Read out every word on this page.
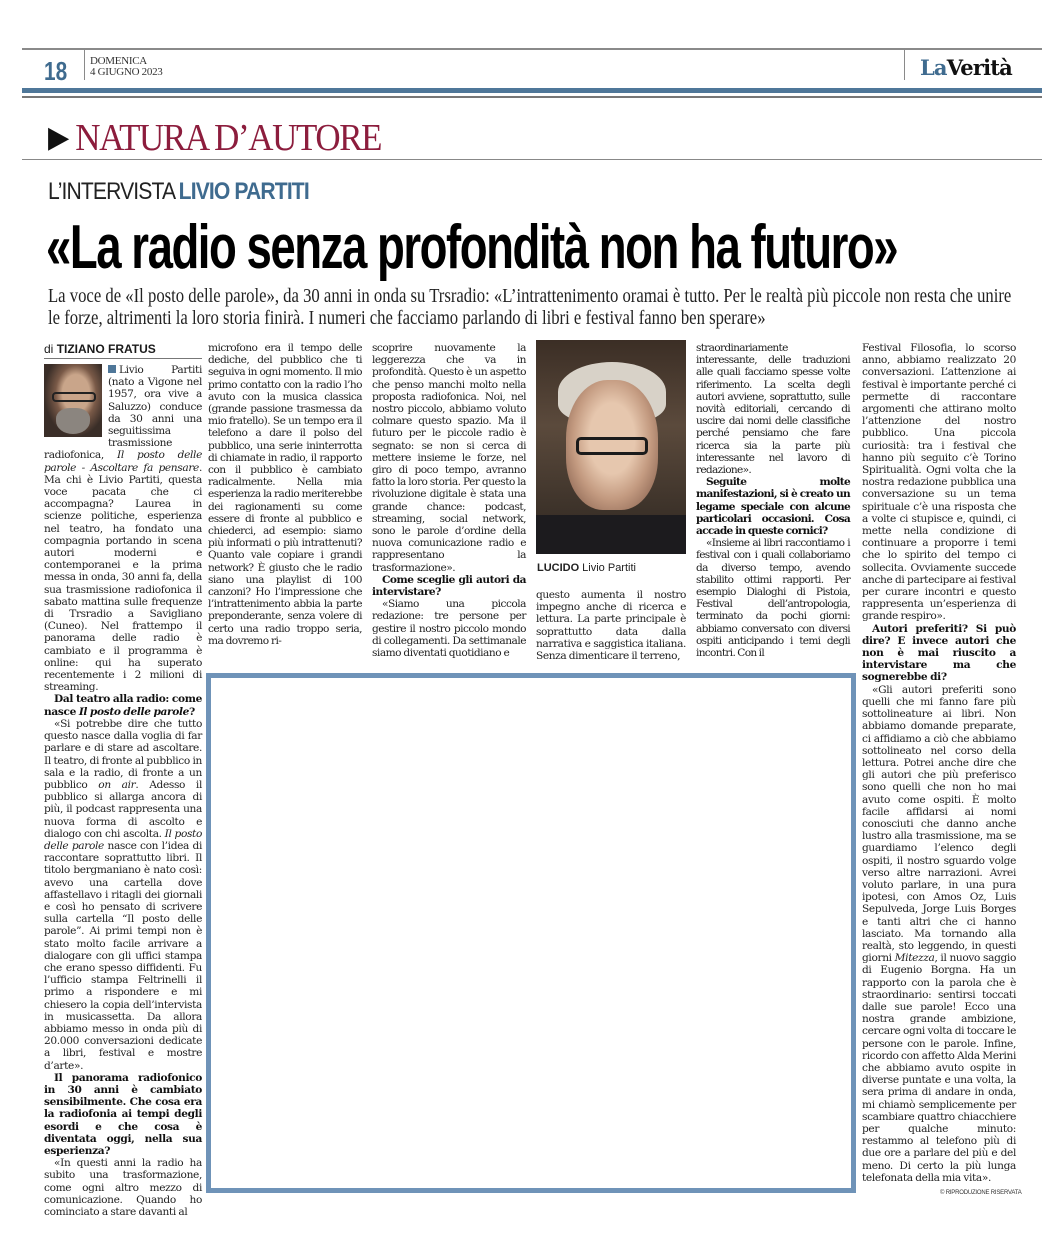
18 DOMENICA
4 GIUGNO 2023	LaVerità
▶ NATURA D’AUTORE
L’INTERVISTA LIVIO PARTITI
«La radio senza profondità non ha futuro»
La voce de «Il posto delle parole», da 30 anni in onda su Trsradio: «L’intrattenimento oramai è tutto. Per le realtà più piccole non resta che unire le forze, altrimenti la loro storia finirà. I numeri che facciamo parlando di libri e festival fanno ben sperare»
di TIZIANO FRATUS

Livio Partiti (nato a Vigone nel 1957, ora vive a Saluzzo) conduce da 30 anni una seguitissima trasmissione radiofonica, Il posto delle parole - Ascoltare fa pensare. Ma chi è Livio Partiti, questa voce pacata che ci accompagna? Laurea in scienze politiche, esperienza nel teatro, ha fondato una compagnia portando in scena autori moderni e contemporanei e la prima messa in onda, 30 anni fa, della sua trasmissione radiofonica il sabato mattina sulle frequenze di Trsradio a Savigliano (Cuneo). Nel frattempo il panorama delle radio è cambiato e il programma è online: qui ha superato recentemente i 2 milioni di streaming.

Dal teatro alla radio: come nasce Il posto delle parole?

«Si potrebbe dire che tutto questo nasce dalla voglia di far parlare e di stare ad ascoltare. Il teatro, di fronte al pubblico in sala e la radio, di fronte a un pubblico on air. Adesso il pubblico si allarga ancora di più, il podcast rappresenta una nuova forma di ascolto e dialogo con chi ascolta. Il posto delle parole nasce con l’idea di raccontare soprattutto libri. Il titolo bergmaniano è nato così: avevo una cartella dove affastellavo i ritagli dei giornali e così ho pensato di scrivere sulla cartella “Il posto delle parole”. Ai primi tempi non è stato molto facile arrivare a dialogare con gli uffici stampa che erano spesso diffidenti. Fu l’ufficio stampa Feltrinelli il primo a rispondere e mi chiesero la copia dell’intervista in musicassetta. Da allora abbiamo messo in onda più di 20.000 conversazioni dedicate a libri, festival e mostre d’arte».

Il panorama radiofonico in 30 anni è cambiato sensibilmente. Che cosa era la radiofonia ai tempi degli esordi e che cosa è diventata oggi, nella sua esperienza?

«In questi anni la radio ha subito una trasformazione, come ogni altro mezzo di comunicazione. Quando ho cominciato a stare davanti al

microfono era il tempo delle dediche, del pubblico che ti seguiva in ogni momento. Il mio primo contatto con la radio l’ho avuto con la musica classica (grande passione trasmessa da mio fratello). Se un tempo era il telefono a dare il polso del pubblico, una serie ininterrotta di chiamate in radio, il rapporto con il pubblico è cambiato radicalmente. Nella mia esperienza la radio meriterebbe dei ragionamenti su come essere di fronte al pubblico e chiederci, ad esempio: siamo più informati o più intrattenuti? Quanto vale copiare i grandi network? È giusto che le radio siano una playlist di 100 canzoni? Ho l’impressione che l’intrattenimento abbia la parte preponderante, senza volere di certo una radio troppo seria, ma dovremo ri-

scoprire nuovamente la leggerezza che va in profondità. Questo è un aspetto che penso manchi molto nella proposta radiofonica. Noi, nel nostro piccolo, abbiamo voluto colmare questo spazio. Ma il futuro per le piccole radio è segnato: se non si cerca di mettere insieme le forze, nel giro di poco tempo, avranno fatto la loro storia. Per questo la rivoluzione digitale è stata una grande chance: podcast, streaming, social network, sono le parole d’ordine della nuova comunicazione radio e rappresentano la trasformazione».

Come sceglie gli autori da intervistare?

«Siamo una piccola redazione: tre persone per gestire il nostro piccolo mondo di collegamenti. Da settimanale siamo diventati quotidiano e

LUCIDO Livio Partiti

questo aumenta il nostro impegno anche di ricerca e lettura. La parte principale è soprattutto data dalla narrativa e saggistica italiana. Senza dimenticare il terreno,

straordinariamente interessante, delle traduzioni alle quali facciamo spesse volte riferimento. La scelta degli autori avviene, soprattutto, sulle novità editoriali, cercando di uscire dai nomi delle classifiche perché pensiamo che fare ricerca sia la parte più interessante nel lavoro di redazione».

Seguite molte manifestazioni, si è creato un legame speciale con alcune particolari occasioni. Cosa accade in queste cornici?

«Insieme ai libri raccontiamo i festival con i quali collaboriamo da diverso tempo, avendo stabilito ottimi rapporti. Per esempio Dialoghi di Pistoia, Festival dell’antropologia, terminato da pochi giorni: abbiamo conversato con diversi ospiti anticipando i temi degli incontri. Con il

Festival Filosofia, lo scorso anno, abbiamo realizzato 20 conversazioni. L’attenzione ai festival è importante perché ci permette di raccontare argomenti che attirano molto l’attenzione del nostro pubblico. Una piccola curiosità: tra i festival che hanno più seguito c’è Torino Spiritualità. Ogni volta che la nostra redazione pubblica una conversazione su un tema spirituale c’è una risposta che a volte ci stupisce e, quindi, ci mette nella condizione di continuare a proporre i temi che lo spirito del tempo ci sollecita. Ovviamente succede anche di partecipare ai festival per curare incontri e questo rappresenta un’esperienza di grande respiro».

Autori preferiti? Si può dire? E invece autori che non è mai riuscito a intervistare ma che sognerebbe di?

«Gli autori preferiti sono quelli che mi fanno fare più sottolineature ai libri. Non abbiamo domande preparate, ci affidiamo a ciò che abbiamo sottolineato nel corso della lettura. Potrei anche dire che gli autori che più preferisco sono quelli che non ho mai avuto come ospiti. È molto facile affidarsi ai nomi conosciuti che danno anche lustro alla trasmissione, ma se guardiamo l’elenco degli ospiti, il nostro sguardo volge verso altre narrazioni. Avrei voluto parlare, in una pura ipotesi, con Amos Oz, Luis Sepulveda, Jorge Luis Borges e tanti altri che ci hanno lasciato. Ma tornando alla realtà, sto leggendo, in questi giorni Mitezza, il nuovo saggio di Eugenio Borgna. Ha un rapporto con la parola che è straordinario: sentirsi toccati dalle sue parole! Ecco una nostra grande ambizione, cercare ogni volta di toccare le persone con le parole. Infine, ricordo con affetto Alda Merini che abbiamo avuto ospite in diverse puntate e una volta, la sera prima di andare in onda, mi chiamò semplicemente per scambiare quattro chiacchiere per qualche minuto: restammo al telefono più di due ore a parlare del più e del meno. Di certo la più lunga telefonata della mia vita».

© RIPRODUZIONE RISERVATA
